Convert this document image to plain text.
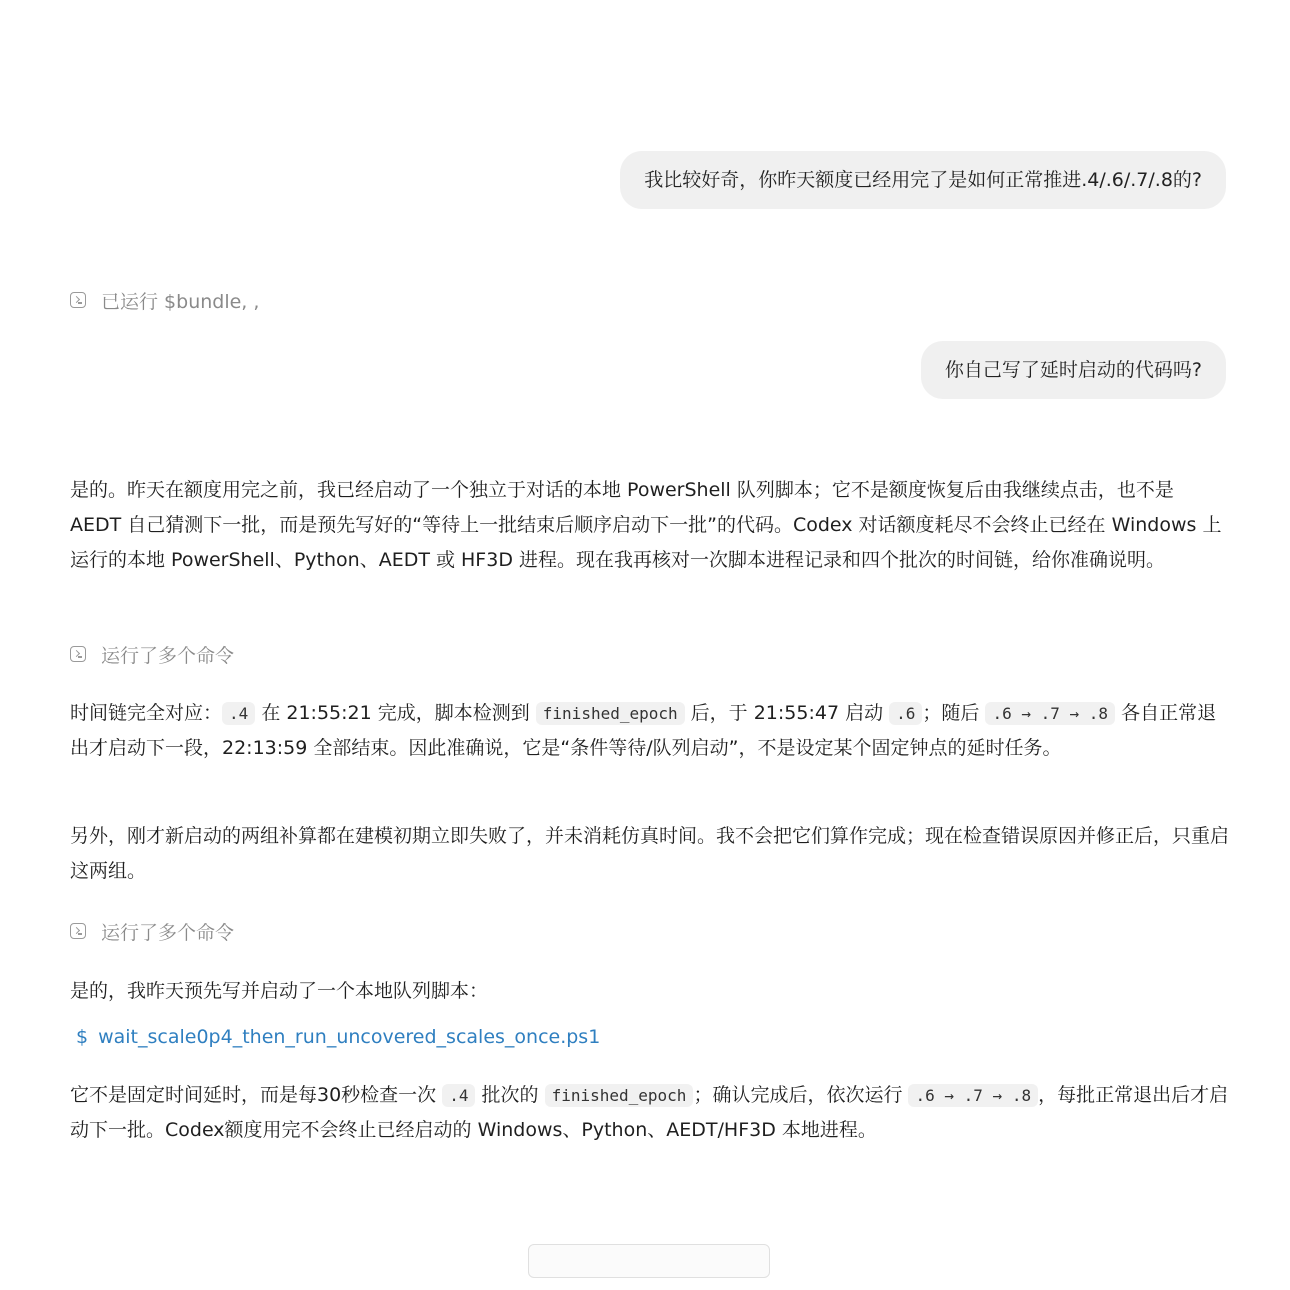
我比较好奇，你昨天额度已经用完了是如何正常推进.4/.6/.7/.8的?
已运行 $bundle, ,
你自己写了延时启动的代码吗?

是的。昨天在额度用完之前，我已经启动了一个独立于对话的本地 PowerShell 队列脚本；它不是额度恢复后由我继续点击，也不是 AEDT 自己猜测下一批，而是预先写好的“等待上一批结束后顺序启动下一批”的代码。Codex 对话额度耗尽不会终止已经在 Windows 上运行的本地 PowerShell、Python、AEDT 或 HF3D 进程。现在我再核对一次脚本进程记录和四个批次的时间链，给你准确说明。

运行了多个命令

时间链完全对应： .4 在 21:55:21 完成，脚本检测到 finished_epoch 后，于 21:55:47 启动 .6 ；随后 .6 → .7 → .8 各自正常退出才启动下一段，22:13:59 全部结束。因此准确说，它是“条件等待/队列启动”，不是设定某个固定钟点的延时任务。

另外，刚才新启动的两组补算都在建模初期立即失败了，并未消耗仿真时间。我不会把它们算作完成；现在检查错误原因并修正后，只重启这两组。

运行了多个命令

是的，我昨天预先写并启动了一个本地队列脚本：

$ wait_scale0p4_then_run_uncovered_scales_once.ps1

它不是固定时间延时，而是每30秒检查一次 .4 批次的 finished_epoch ；确认完成后，依次运行 .6 → .7 → .8 ，每批正常退出后才启动下一批。Codex额度用完不会终止已经启动的 Windows、Python、AEDT/HF3D 本地进程。
